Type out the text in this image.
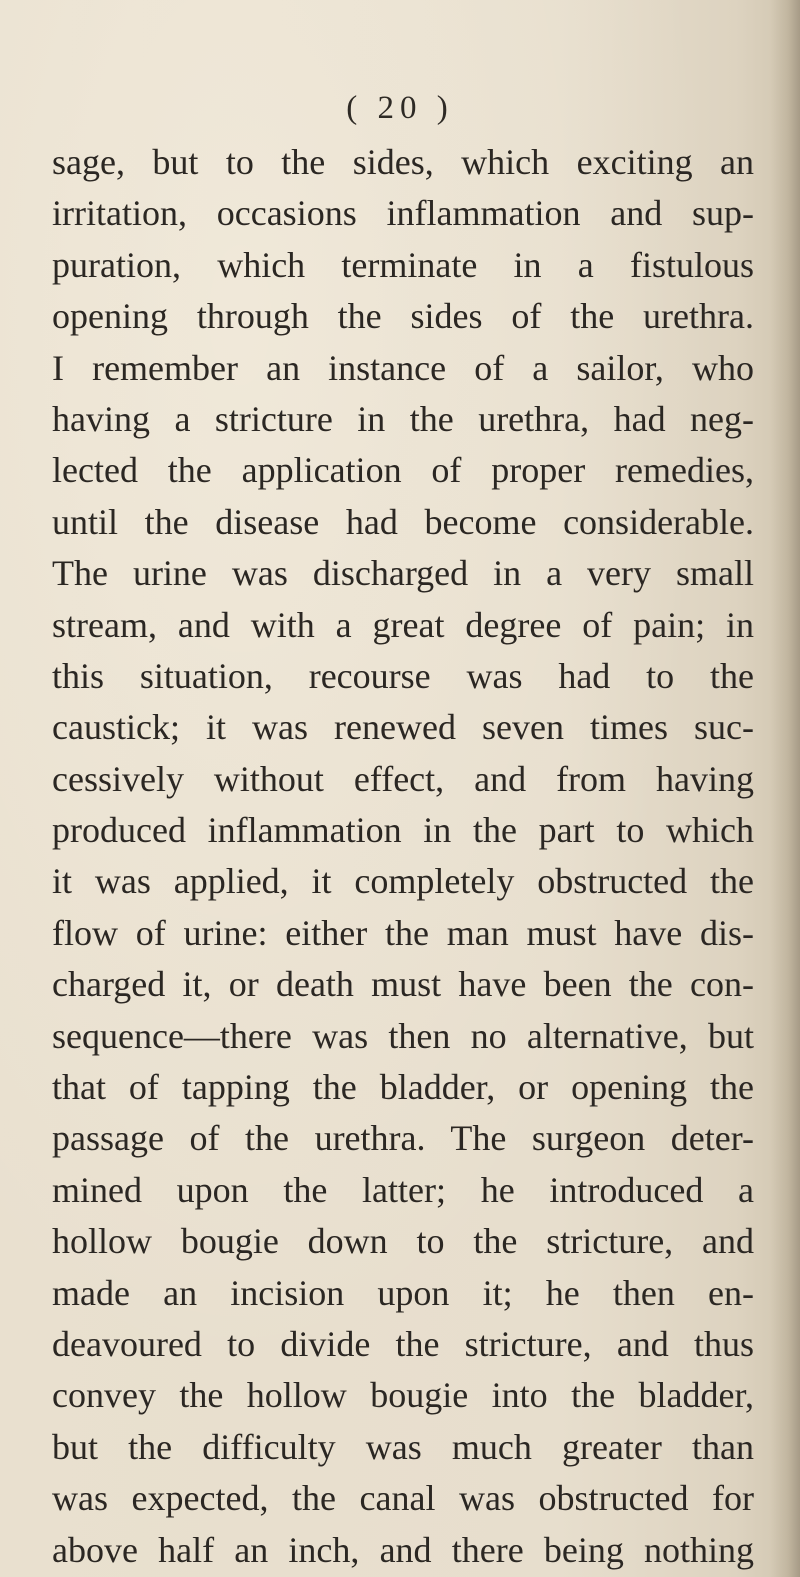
( 20 )
sage, but to the sides, which exciting an
irritation, occasions inflammation and sup-
puration, which terminate in a fistulous
opening through the sides of the urethra.
I remember an instance of a sailor, who
having a stricture in the urethra, had neg-
lected the application of proper remedies,
until the disease had become considerable.
The urine was discharged in a very small
stream, and with a great degree of pain; in
this situation, recourse was had to the
caustick; it was renewed seven times suc-
cessively without effect, and from having
produced inflammation in the part to which
it was applied, it completely obstructed the
flow of urine: either the man must have dis-
charged it, or death must have been the con-
sequence—there was then no alternative, but
that of tapping the bladder, or opening the
passage of the urethra. The surgeon deter-
mined upon the latter; he introduced a
hollow bougie down to the stricture, and
made an incision upon it; he then en-
deavoured to divide the stricture, and thus
convey the hollow bougie into the bladder,
but the difficulty was much greater than
was expected, the canal was obstructed for
above half an inch, and there being nothing
